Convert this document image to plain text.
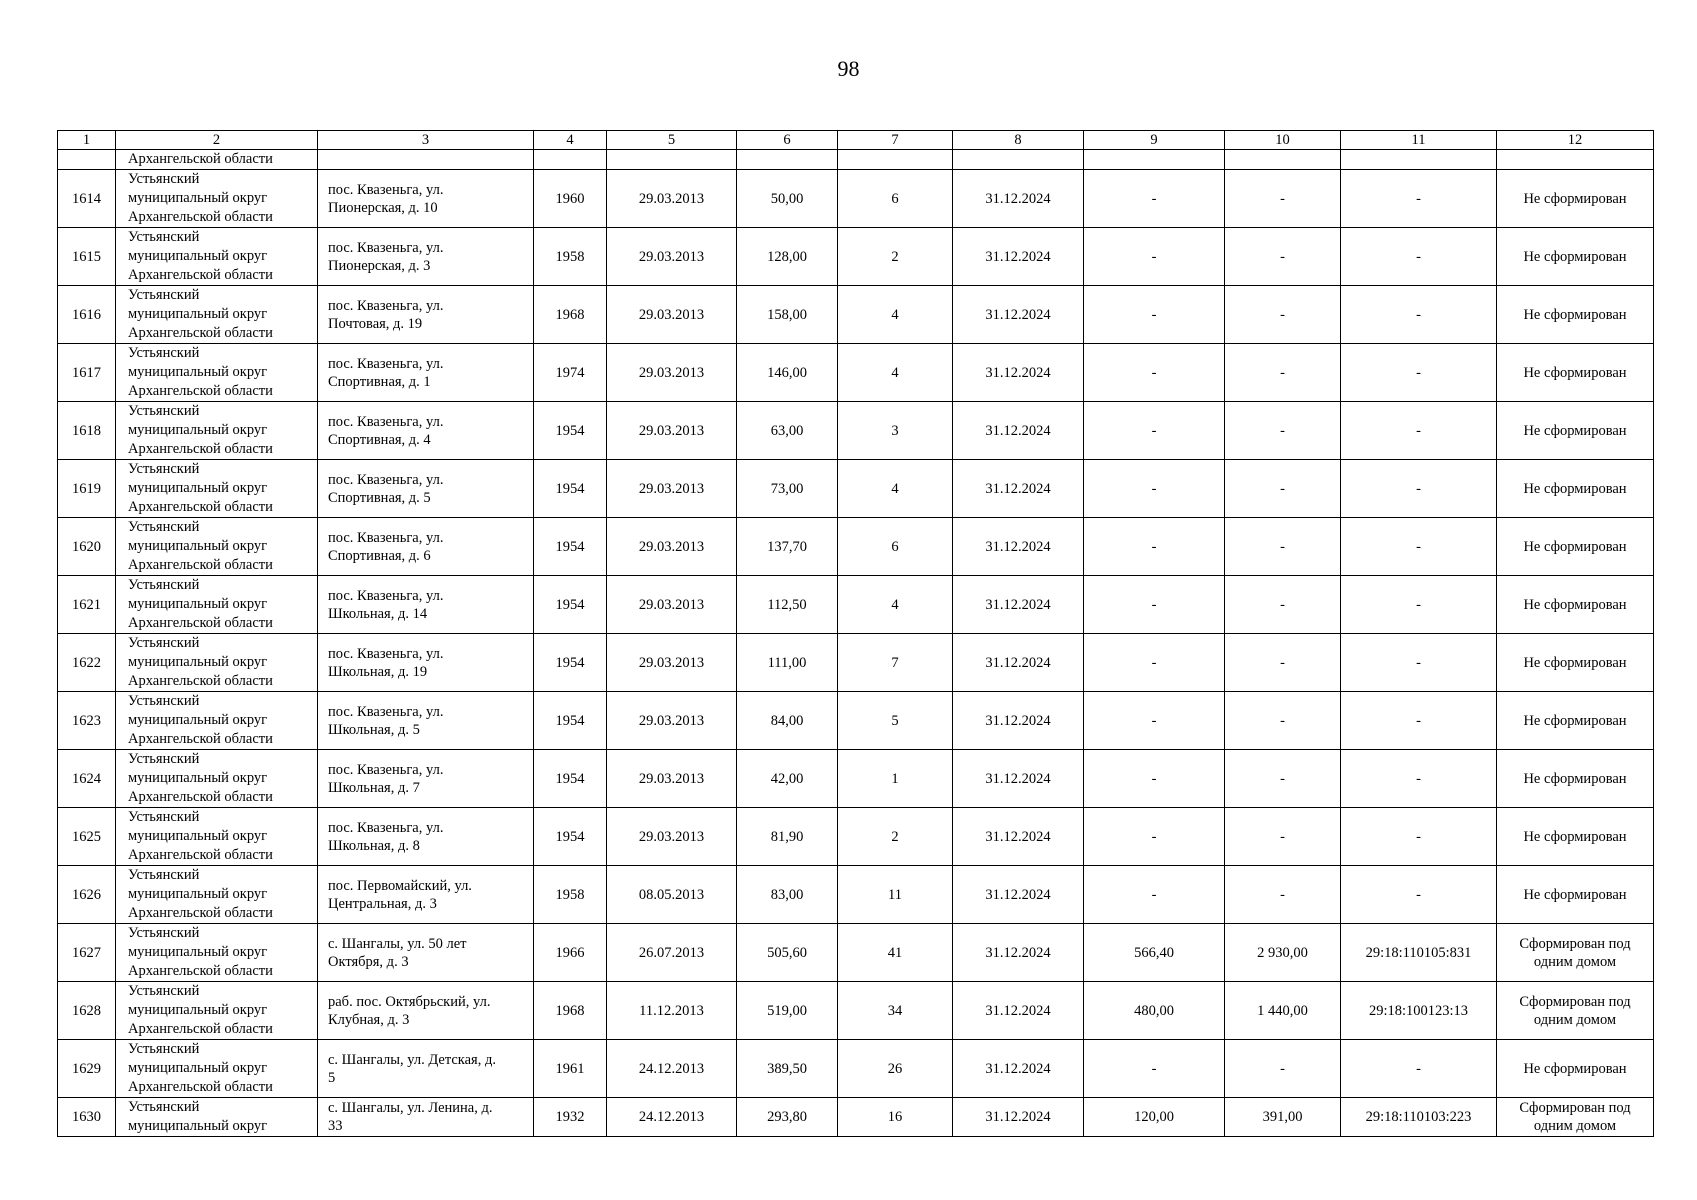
98
1	2	3	4	5	6	7	8	9	10	11	12
	Архангельской области										
1614	Устьянский
муниципальный округ
Архангельской области	пос. Квазеньга, ул.
Пионерская, д. 10	1960	29.03.2013	50,00	6	31.12.2024	-	-	-	Не сформирован

1615	Устьянский
муниципальный округ
Архангельской области	пос. Квазеньга, ул.
Пионерская, д. 3	1958	29.03.2013	128,00	2	31.12.2024	-	-	-	Не сформирован

1616	Устьянский
муниципальный округ
Архангельской области	пос. Квазеньга, ул.
Почтовая, д. 19	1968	29.03.2013	158,00	4	31.12.2024	-	-	-	Не сформирован

1617	Устьянский
муниципальный округ
Архангельской области	пос. Квазеньга, ул.
Спортивная, д. 1	1974	29.03.2013	146,00	4	31.12.2024	-	-	-	Не сформирован

1618	Устьянский
муниципальный округ
Архангельской области	пос. Квазеньга, ул.
Спортивная, д. 4	1954	29.03.2013	63,00	3	31.12.2024	-	-	-	Не сформирован

1619	Устьянский
муниципальный округ
Архангельской области	пос. Квазеньга, ул.
Спортивная, д. 5	1954	29.03.2013	73,00	4	31.12.2024	-	-	-	Не сформирован

1620	Устьянский
муниципальный округ
Архангельской области	пос. Квазеньга, ул.
Спортивная, д. 6	1954	29.03.2013	137,70	6	31.12.2024	-	-	-	Не сформирован

1621	Устьянский
муниципальный округ
Архангельской области	пос. Квазеньга, ул.
Школьная, д. 14	1954	29.03.2013	112,50	4	31.12.2024	-	-	-	Не сформирован

1622	Устьянский
муниципальный округ
Архангельской области	пос. Квазеньга, ул.
Школьная, д. 19	1954	29.03.2013	111,00	7	31.12.2024	-	-	-	Не сформирован

1623	Устьянский
муниципальный округ
Архангельской области	пос. Квазеньга, ул.
Школьная, д. 5	1954	29.03.2013	84,00	5	31.12.2024	-	-	-	Не сформирован

1624	Устьянский
муниципальный округ
Архангельской области	пос. Квазеньга, ул.
Школьная, д. 7	1954	29.03.2013	42,00	1	31.12.2024	-	-	-	Не сформирован

1625	Устьянский
муниципальный округ
Архангельской области	пос. Квазеньга, ул.
Школьная, д. 8	1954	29.03.2013	81,90	2	31.12.2024	-	-	-	Не сформирован

1626	Устьянский
муниципальный округ
Архангельской области	пос. Первомайский, ул.
Центральная, д. 3	1958	08.05.2013	83,00	11	31.12.2024	-	-	-	Не сформирован

1627	Устьянский
муниципальный округ
Архангельской области	с. Шангалы, ул. 50 лет
Октября, д. 3	1966	26.07.2013	505,60	41	31.12.2024	566,40	2 930,00	29:18:110105:831	Сформирован под
одним домом

1628	Устьянский
муниципальный округ
Архангельской области	раб. пос. Октябрьский, ул.
Клубная, д. 3	1968	11.12.2013	519,00	34	31.12.2024	480,00	1 440,00	29:18:100123:13	Сформирован под
одним домом

1629	Устьянский
муниципальный округ
Архангельской области	с. Шангалы, ул. Детская, д.
5	1961	24.12.2013	389,50	26	31.12.2024	-	-	-	Не сформирован

1630	Устьянский
муниципальный округ	с. Шангалы, ул. Ленина, д.
33	1932	24.12.2013	293,80	16	31.12.2024	120,00	391,00	29:18:110103:223	Сформирован под
одним домом
